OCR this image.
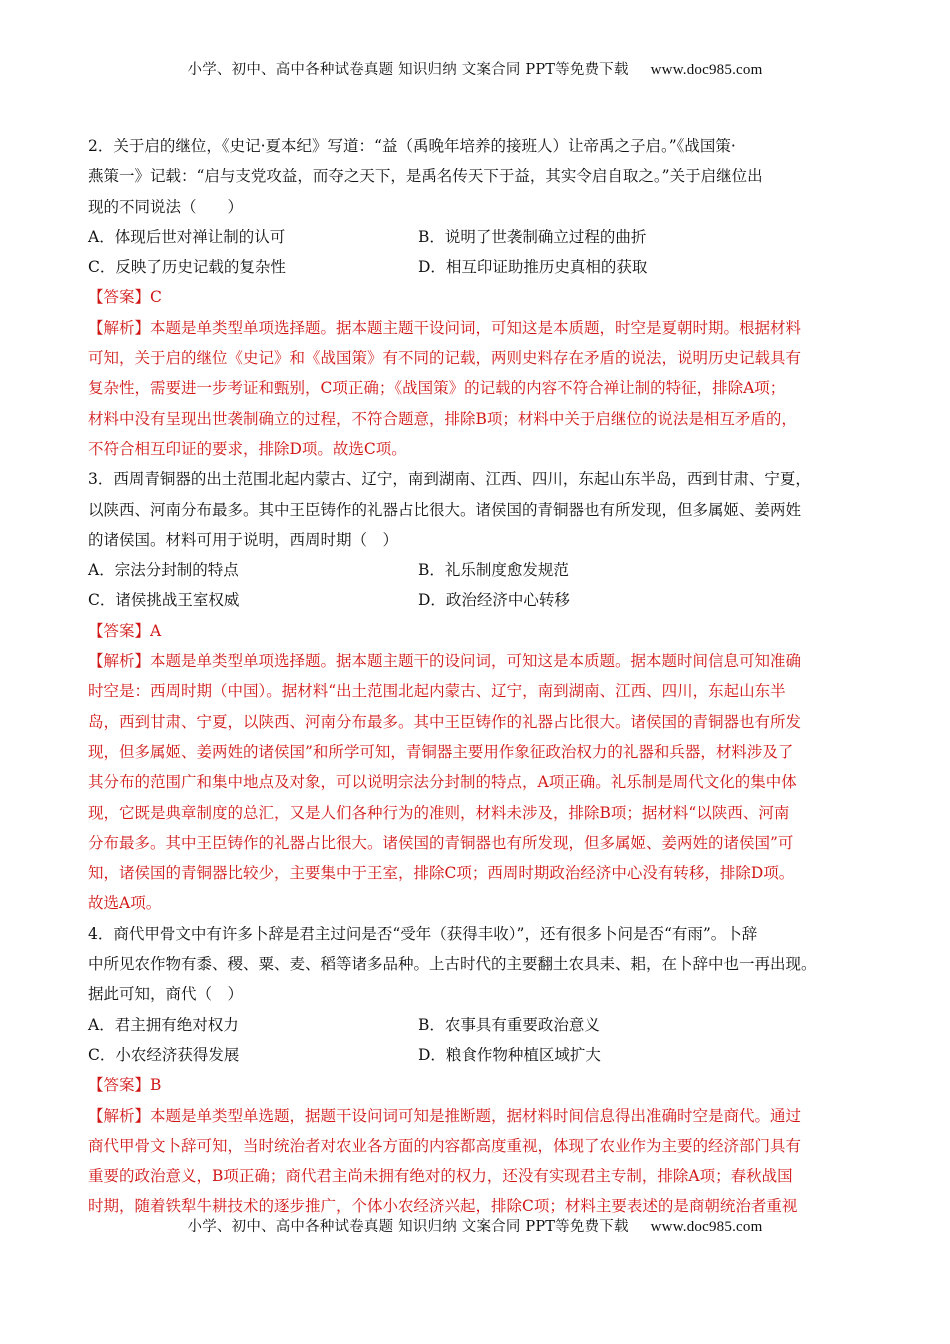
小学、初中、高中各种试卷真题 知识归纳 文案合同 PPT等免费下载 www.doc985.com

2．关于启的继位，《史记·夏本纪》写道：“益（禹晚年培养的接班人）让帝禹之子启。”《战国策·
燕策一》记载：“启与支党攻益，而夺之天下，是禹名传天下于益，其实令启自取之。”关于启继位出
现的不同说法（　　）

A．体现后世对禅让制的认可	B．说明了世袭制确立过程的曲折
C．反映了历史记载的复杂性	D．相互印证助推历史真相的获取

【答案】C

【解析】本题是单类型单项选择题。据本题主题干设问词，可知这是本质题，时空是夏朝时期。根据材料
可知，关于启的继位《史记》和《战国策》有不同的记载，两则史料存在矛盾的说法，说明历史记载具有
复杂性，需要进一步考证和甄别，C项正确；《战国策》的记载的内容不符合禅让制的特征，排除A项；
材料中没有呈现出世袭制确立的过程，不符合题意，排除B项；材料中关于启继位的说法是相互矛盾的，
不符合相互印证的要求，排除D项。故选C项。

3．西周青铜器的出土范围北起内蒙古、辽宁，南到湖南、江西、四川，东起山东半岛，西到甘肃、宁夏，
以陕西、河南分布最多。其中王臣铸作的礼器占比很大。诸侯国的青铜器也有所发现，但多属姬、姜两姓
的诸侯国。材料可用于说明，西周时期（　）

A．宗法分封制的特点	B．礼乐制度愈发规范
C．诸侯挑战王室权威	D．政治经济中心转移

【答案】A

【解析】本题是单类型单项选择题。据本题主题干的设问词，可知这是本质题。据本题时间信息可知准确
时空是：西周时期（中国）。据材料“出土范围北起内蒙古、辽宁，南到湖南、江西、四川，东起山东半
岛，西到甘肃、宁夏，以陕西、河南分布最多。其中王臣铸作的礼器占比很大。诸侯国的青铜器也有所发
现，但多属姬、姜两姓的诸侯国”和所学可知，青铜器主要用作象征政治权力的礼器和兵器，材料涉及了
其分布的范围广和集中地点及对象，可以说明宗法分封制的特点，A项正确。礼乐制是周代文化的集中体
现，它既是典章制度的总汇，又是人们各种行为的准则，材料未涉及，排除B项；据材料“以陕西、河南
分布最多。其中王臣铸作的礼器占比很大。诸侯国的青铜器也有所发现，但多属姬、姜两姓的诸侯国”可
知，诸侯国的青铜器比较少，主要集中于王室，排除C项；西周时期政治经济中心没有转移，排除D项。
故选A项。

4．商代甲骨文中有许多卜辞是君主过问是否“受年（获得丰收）”，还有很多卜问是否“有雨”。卜辞
中所见农作物有黍、稷、粟、麦、稻等诸多品种。上古时代的主要翻土农具耒、耜，在卜辞中也一再出现。
据此可知，商代（　）

A．君主拥有绝对权力	B．农事具有重要政治意义
C．小农经济获得发展	D．粮食作物种植区域扩大

【答案】B

【解析】本题是单类型单选题，据题干设问词可知是推断题，据材料时间信息得出准确时空是商代。通过
商代甲骨文卜辞可知，当时统治者对农业各方面的内容都高度重视，体现了农业作为主要的经济部门具有
重要的政治意义，B项正确；商代君主尚未拥有绝对的权力，还没有实现君主专制，排除A项；春秋战国
时期，随着铁犁牛耕技术的逐步推广，个体小农经济兴起，排除C项；材料主要表述的是商朝统治者重视

小学、初中、高中各种试卷真题 知识归纳 文案合同 PPT等免费下载 www.doc985.com
